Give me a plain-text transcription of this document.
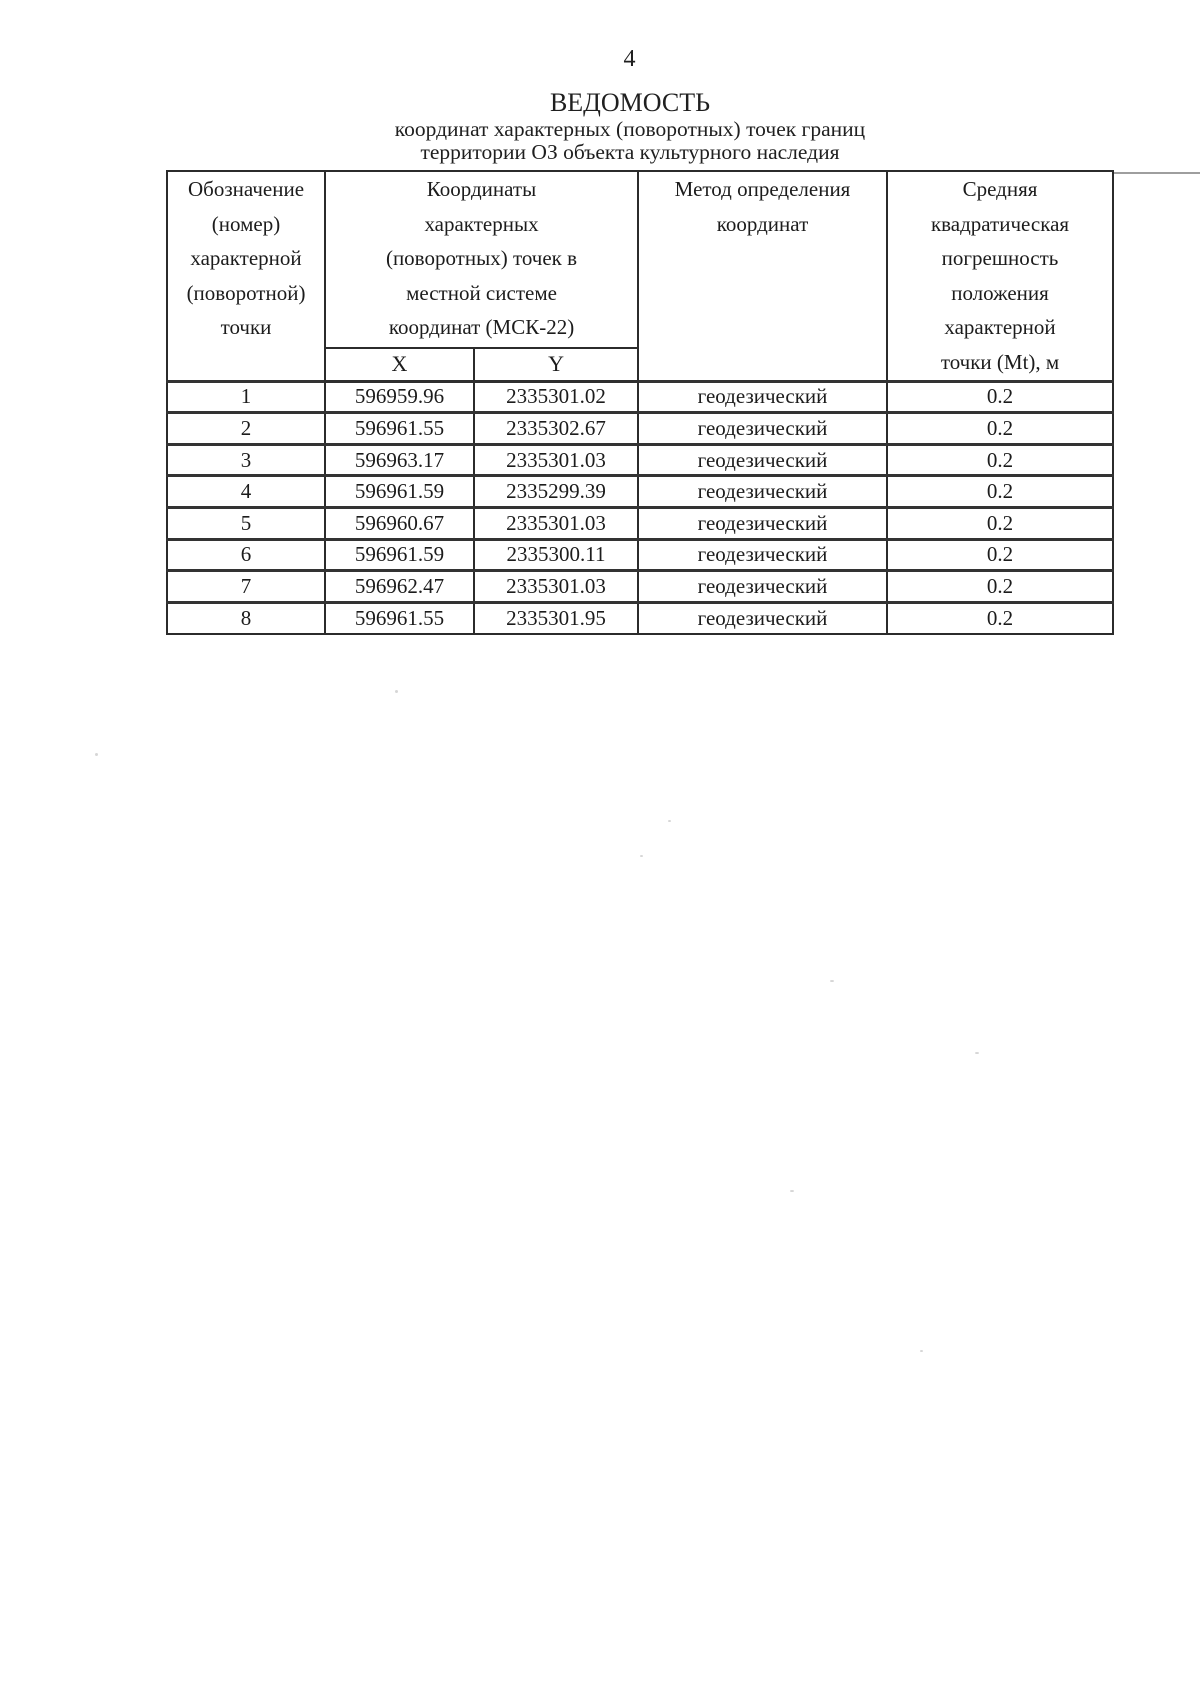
4
ВЕДОМОСТЬ
координат характерных (поворотных) точек границ
территории ОЗ объекта культурного наследия
Обозначение
(номер)
характерной
(поворотной)
точки

Координаты
характерных
(поворотных) точек в
местной системе
координат (МСК-22)

Метод определения
координат

Средняя
квадратическая
погрешность
положения
характерной
точки (Mt), м

	X	Y		
1	596959.96	2335301.02	геодезический	0.2
2	596961.55	2335302.67	геодезический	0.2
3	596963.17	2335301.03	геодезический	0.2
4	596961.59	2335299.39	геодезический	0.2
5	596960.67	2335301.03	геодезический	0.2
6	596961.59	2335300.11	геодезический	0.2
7	596962.47	2335301.03	геодезический	0.2
8	596961.55	2335301.95	геодезический	0.2
